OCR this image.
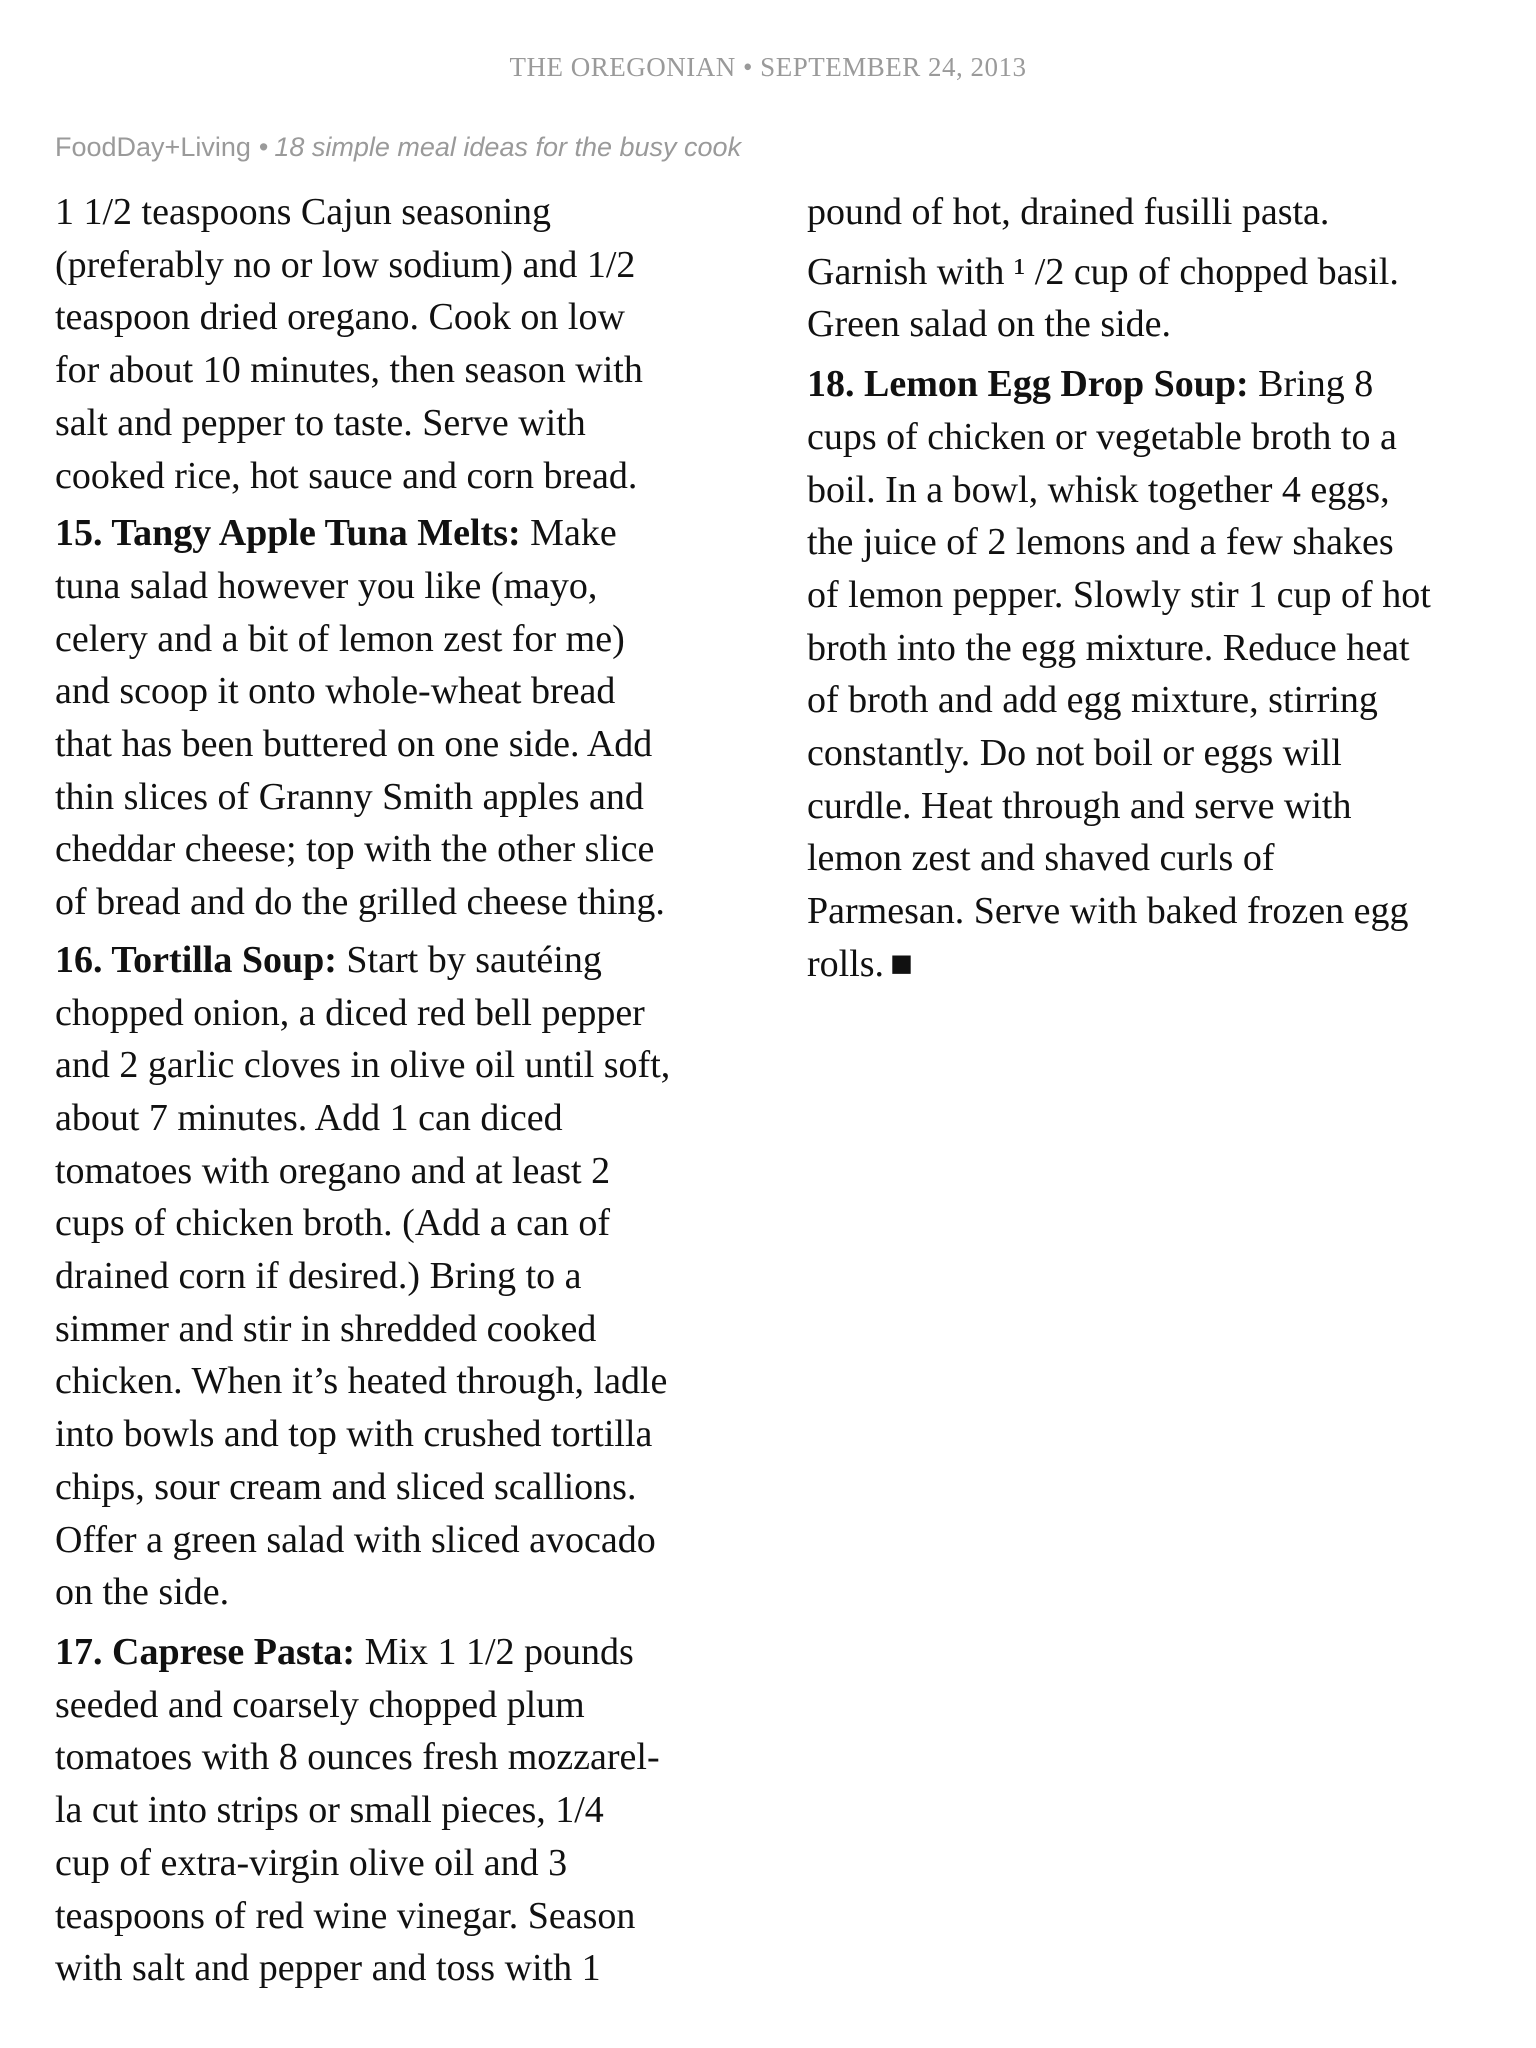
THE OREGONIAN • SEPTEMBER 24, 2013
FoodDay+Living • 18 simple meal ideas for the busy cook
1 1/2 teaspoons Cajun seasoning
(preferably no or low sodium) and 1/2
teaspoon dried oregano. Cook on low
for about 10 minutes, then season with
salt and pepper to taste. Serve with
cooked rice, hot sauce and corn bread.
15. Tangy Apple Tuna Melts: Make
tuna salad however you like (mayo,
celery and a bit of lemon zest for me)
and scoop it onto whole-wheat bread
that has been buttered on one side. Add
thin slices of Granny Smith apples and
cheddar cheese; top with the other slice
of bread and do the grilled cheese thing.
16. Tortilla Soup: Start by sautéing
chopped onion, a diced red bell pepper
and 2 garlic cloves in olive oil until soft,
about 7 minutes. Add 1 can diced
tomatoes with oregano and at least 2
cups of chicken broth. (Add a can of
drained corn if desired.) Bring to a
simmer and stir in shredded cooked
chicken. When it’s heated through, ladle
into bowls and top with crushed tortilla
chips, sour cream and sliced scallions.
Offer a green salad with sliced avocado
on the side.
17. Caprese Pasta: Mix 1 1/2 pounds
seeded and coarsely chopped plum
tomatoes with 8 ounces fresh mozzarel-
la cut into strips or small pieces, 1/4
cup of extra-virgin olive oil and 3
teaspoons of red wine vinegar. Season
with salt and pepper and toss with 1
pound of hot, drained fusilli pasta.
Garnish with ¹ /2 cup of chopped basil.
Green salad on the side.
18. Lemon Egg Drop Soup: Bring 8
cups of chicken or vegetable broth to a
boil. In a bowl, whisk together 4 eggs,
the juice of 2 lemons and a few shakes
of lemon pepper. Slowly stir 1 cup of hot
broth into the egg mixture. Reduce heat
of broth and add egg mixture, stirring
constantly. Do not boil or eggs will
curdle. Heat through and serve with
lemon zest and shaved curls of
Parmesan. Serve with baked frozen egg
rolls. ■
